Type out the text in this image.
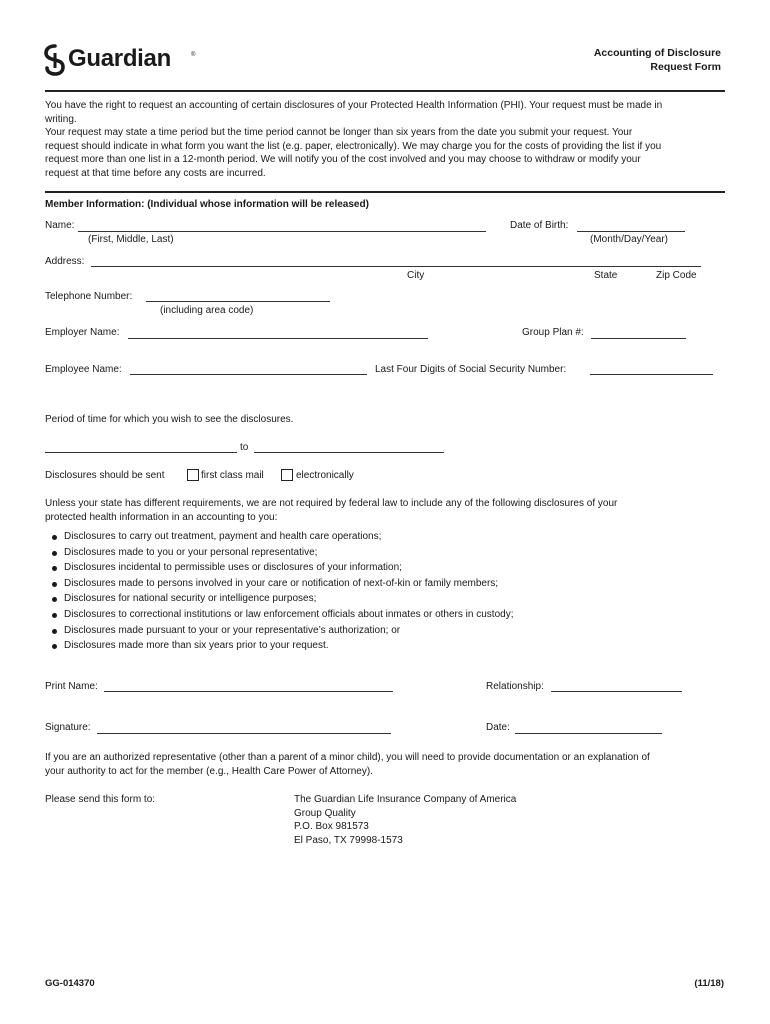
Guardian	®	Accounting of Disclosure
Request Form
You have the right to request an accounting of certain disclosures of your Protected Health Information (PHI). Your request must be made in
writing.
Your request may state a time period but the time period cannot be longer than six years from the date you submit your request. Your
request should indicate in what form you want the list (e.g. paper, electronically). We may charge you for the costs of providing the list if you
request more than one list in a 12-month period. We will notify you of the cost involved and you may choose to withdraw or modify your
request at that time before any costs are incurred.
Member Information: (Individual whose information will be released)
Name:
(First, Middle, Last)
Date of Birth:
(Month/Day/Year)
Address:
City	State	Zip Code
Telephone Number:
(including area code)
Employer Name:	Group Plan #:
Employee Name:	Last Four Digits of Social Security Number:
Period of time for which you wish to see the disclosures.
to
Disclosures should be sent	first class mail	electronically
Unless your state has different requirements, we are not required by federal law to include any of the following disclosures of your
protected health information in an accounting to you:
Disclosures to carry out treatment, payment and health care operations;
Disclosures made to you or your personal representative;
Disclosures incidental to permissible uses or disclosures of your information;
Disclosures made to persons involved in your care or notification of next-of-kin or family members;
Disclosures for national security or intelligence purposes;
Disclosures to correctional institutions or law enforcement officials about inmates or others in custody;
Disclosures made pursuant to your or your representative’s authorization; or
Disclosures made more than six years prior to your request.
Print Name:	Relationship:
Signature:	Date:
If you are an authorized representative (other than a parent of a minor child), you will need to provide documentation or an explanation of
your authority to act for the member (e.g., Health Care Power of Attorney).
Please send this form to:	The Guardian Life Insurance Company of America
Group Quality
P.O. Box 981573
El Paso, TX 79998-1573
GG-014370	(11/18)
